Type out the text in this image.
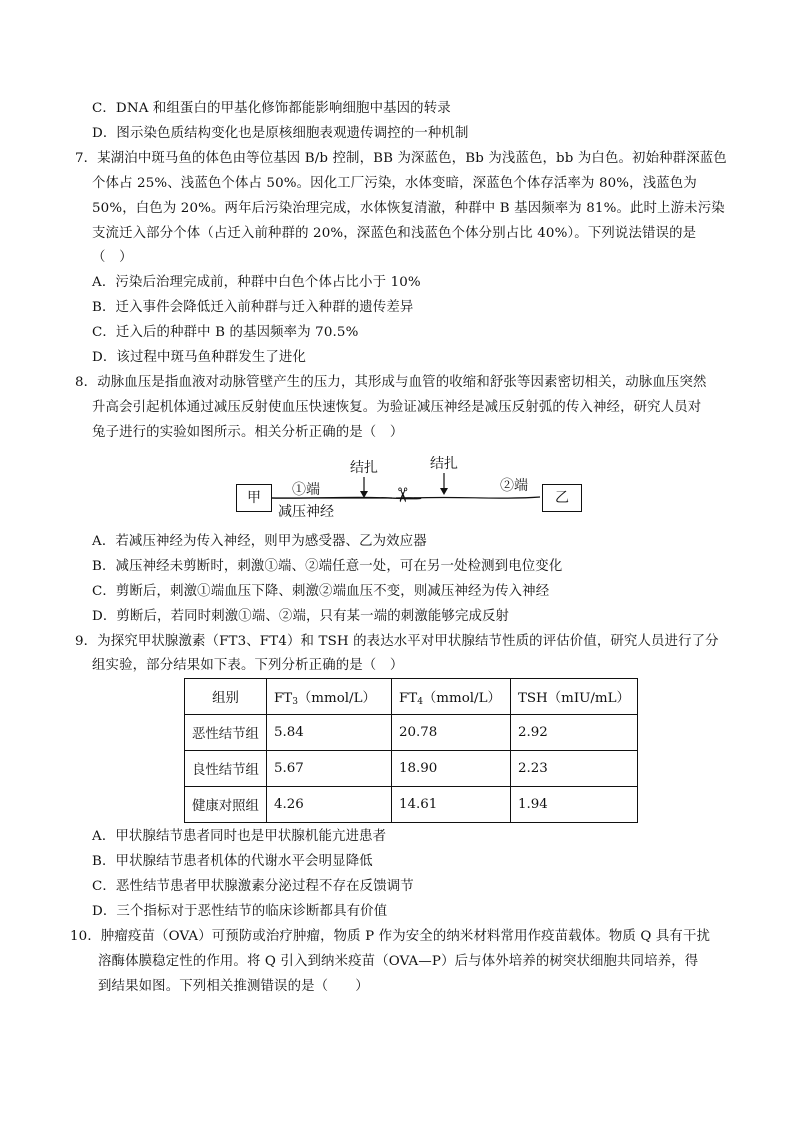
C．DNA 和组蛋白的甲基化修饰都能影响细胞中基因的转录
D．图示染色质结构变化也是原核细胞表观遗传调控的一种机制
7．某湖泊中斑马鱼的体色由等位基因 B/b 控制，BB 为深蓝色，Bb 为浅蓝色，bb 为白色。初始种群深蓝色
个体占 25%、浅蓝色个体占 50%。因化工厂污染，水体变暗，深蓝色个体存活率为 80%，浅蓝色为
50%，白色为 20%。两年后污染治理完成，水体恢复清澈，种群中 B 基因频率为 81%。此时上游未污染
支流迁入部分个体（占迁入前种群的 20%，深蓝色和浅蓝色个体分别占比 40%）。下列说法错误的是
（　）
A．污染后治理完成前，种群中白色个体占比小于 10%
B．迁入事件会降低迁入前种群与迁入种群的遗传差异
C．迁入后的种群中 B 的基因频率为 70.5%
D．该过程中斑马鱼种群发生了进化
8．动脉血压是指血液对动脉管壁产生的压力，其形成与血管的收缩和舒张等因素密切相关，动脉血压突然
升高会引起机体通过减压反射使血压快速恢复。为验证减压神经是减压反射弧的传入神经，研究人员对
兔子进行的实验如图所示。相关分析正确的是（　）
甲	乙
①端	②端
结扎	结扎
减压神经
✂
A．若减压神经为传入神经，则甲为感受器、乙为效应器
B．减压神经未剪断时，刺激①端、②端任意一处，可在另一处检测到电位变化
C．剪断后，刺激①端血压下降、刺激②端血压不变，则减压神经为传入神经
D．剪断后，若同时刺激①端、②端，只有某一端的刺激能够完成反射
9．为探究甲状腺激素（FT3、FT4）和 TSH 的表达水平对甲状腺结节性质的评估价值，研究人员进行了分
组实验，部分结果如下表。下列分析正确的是（　）
组别	$FT_3(mmol/L)$	$FT_4(mmol/L)$	TSH（mIU/mL）
恶性结节组	5.84	20.78	2.92
良性结节组	5.67	18.90	2.23
健康对照组	4.26	14.61	1.94
A．甲状腺结节患者同时也是甲状腺机能亢进患者
B．甲状腺结节患者机体的代谢水平会明显降低
C．恶性结节患者甲状腺激素分泌过程不存在反馈调节
D．三个指标对于恶性结节的临床诊断都具有价值
10．肿瘤疫苗（OVA）可预防或治疗肿瘤，物质 P 作为安全的纳米材料常用作疫苗载体。物质 Q 具有干扰
溶酶体膜稳定性的作用。将 Q 引入到纳米疫苗（OVA—P）后与体外培养的树突状细胞共同培养，得
到结果如图。下列相关推测错误的是（　　）
